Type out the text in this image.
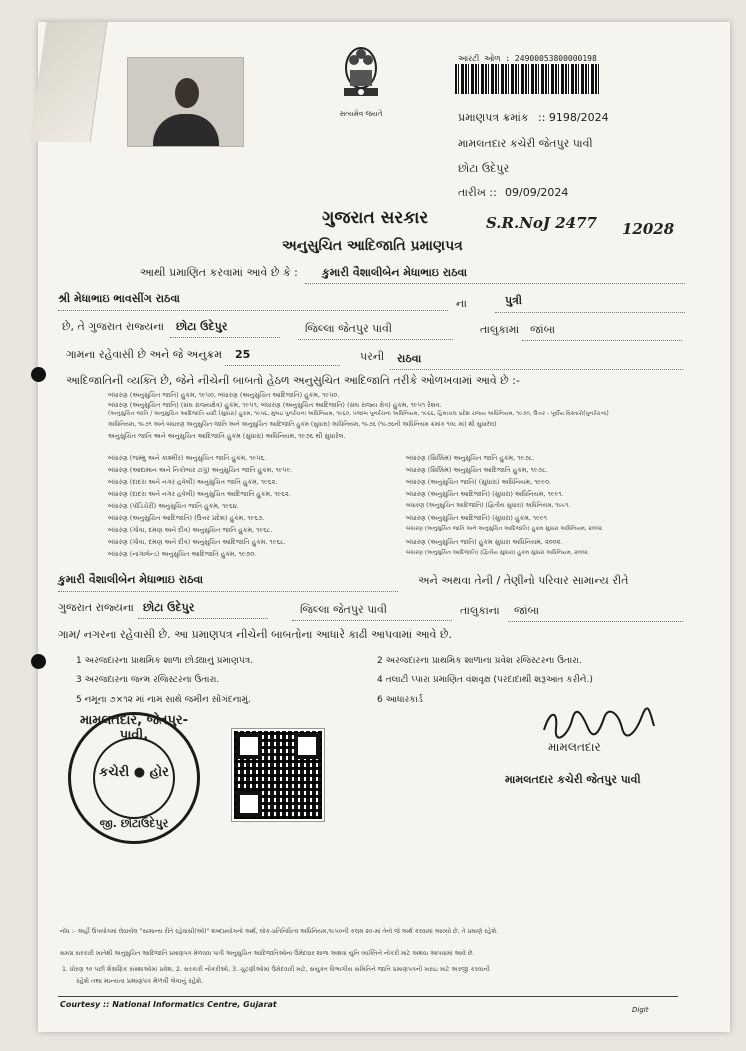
સત્યમેવ જયતે
આરટી ઓળ : 24900053800000198
પ્રમાણપત્ર ક્રમાંક :: 9198/2024
મામલતદાર કચેરી જેતપુર પાવી
છોટા ઉદેપુર
તારીખ :: 09/09/2024
ગુજરાત સરકાર	S.R.NoJ 2477 12028
અનુસુચિત આદિજાતિ પ્રમાણપત્ર
આથી પ્રમાણિત કરવામાં આવે છે કે : કુમારી વૈશાલીબેન મેધાભાઇ રાઠવા
શ્રી મેધાભાઇ ભાવસીંગ રાઠવા	ના	પુત્રી
છે, તે ગુજરાત રાજ્યના છોટા ઉદેપુર	જિલ્લા જેતપુર પાવી	તાલુકામાં જાંબા
ગામના રહેવાસી છે અને જે અનુક્રમ 25	પરની રાઠવા
આદિજાતિની વ્યક્તિ છે, જેને નીચેની બાબતો હેઠળ અનુસુચિત આદિજાતિ તરીકે ઓળખવામાં આવે છે :-
બંધારણ (અનુસુચિત જાતિ) હુકમ, ૧૯૫૦, બંધારણ (અનુસુચિત આદિજાતિ) હુકમ, ૧૯૫૦.
બંધારણ (અનુસુચિત જાતિ) (સંઘ રાજ્યક્ષેત્ર) હુકમ, ૧૯૫૧, બંધારણ (અનુસુચિત આદિજાતિ) (સંઘ રાજ્ય ક્ષેત્ર) હુકમ, ૧૯૫૧ રેશવ.
(અનુસુચિત જાતિ / અનુસુચિત આદિજાતિ યાદી (સુધારા) હુકમ, ૧૯૫૬, મુંબઇ પુનર્રચના અધિનિયમ, ૧૯૬૦, પંજાબ પુનર્રચના અધિનિયમ, ૧૯૬૬, હિમાચલ પ્રદેશ રાજ્ય અધિનિયમ, ૧૯૭૦, ઉત્તર - પૂર્વીય વિસ્તારો(પુનર્રચના)
અધિનિયમ, ૧૯૭૧ અને બંધારણ અનુસુચિત જાતિ અને અનુસુચિત આદિજાતિ હુકમ (સુધારા) અધિનિયમ, ૧૯૭૬ (૧૯૭૬ની અધિનિયમ ક્રમાંક ૧૦૮ માં) થી સુધારેલ)
અનુસુચિત જાતિ અને અનુસુચિત આદિજાતિ હુકમ (સુધારા) અધિનિયમ, ૧૯૭૬ થી સુધારેલ.
બંધારણ (જમ્મુ અને કાશ્મીર) અનુસુચિત જાતિ હુકમ, ૧૯૫૬.
બંધારણ (આંદામાન અને નિકોબાર ટાપુ) અનુસુચિત જાતિ હુકમ, ૧૯૫૯.
બંધારણ (દાદરા અને નગર હવેલી) અનુસુચિત જાતિ હુકમ, ૧૯૬૨.
બંધારણ (દાદરા અને નગર હવેલી) અનુસુચિત આદિજાતિ હુકમ, ૧૯૬૨.
બંધારણ (પોંડિચેરી) અનુસુચિત જાતિ હુકમ, ૧૯૬૪.
બંધારણ (અનુસુચિત આદિજાતિ) (ઉત્તર પ્રદેશ) હુકમ, ૧૯૬૭.
બંધારણ (ગોવા, દમણ અને દીવ) અનુસુચિત જાતિ હુકમ, ૧૯૬૮.
બંધારણ (ગોવા, દમણ અને દીવ) અનુસુચિત આદિજાતિ હુકમ, ૧૯૬૮.
બંધારણ (નાગાલેન્ડ) અનુસુચિત આદિજાતિ હુકમ, ૧૯૭૦.
બંધારણ (સિક્કિમ) અનુસુચિત જાતિ હુકમ, ૧૯૭૮.
બંધારણ (સિક્કિમ) અનુસુચિત આદિજાતિ હુકમ, ૧૯૭૮.
બંધારણ (અનુસુચિત જાતિ) (સુધારા) અધિનિયમ, ૧૯૯૦.
બંધારણ (અનુસુચિત આદિજાતિ) (સુધારા) અધિનિયમ, ૧૯૯૧.
બંધારણ (અનુસુચિત આદિજાતિ) (દ્વિતીય સુધારા) અધિનિયમ, ૧૯૯૧.
બંધારણ (અનુસુચિત આદિજાતિ) (સુધારા) હુકમ, ૧૯૯૧
બંધારણ (અનુસુચિત જાતિ અને અનુસુચિત આદિજાતિ) હુકમ સુધારા અધિનિયમ, ૨૦૦૨.
બંધારણ (અનુસુચિત જાતિ) હુકમ સુધારા અધિનિયમ, ૨૦૦૨.
બંધારણ (અનુસુચિત આદિજાતિ) (દ્વિતીય સુધારા) હુકમ સુધારા અધિનિયમ, ૨૦૦૨.
કુમારી વૈશાલીબેન મેધાભાઇ રાઠવા	અને અથવા તેની / તેણીનો પરિવાર સામાન્ય રીતે
ગુજરાત રાજ્યના છોટા ઉદેપુર	જિલ્લા જેતપુર પાવી	તાલુકાના જાંબા
ગામ/ નગરના રહેવાસી છે. આ પ્રમાણપત્ર નીચેની બાબતોના આધારે કાઢી આપવામાં આવે છે.
1 અરજદારના પ્રાથમિક શાળા છોડ્યાનું પ્રમાણપત્ર.	2 અરજદારના પ્રાથમિક શાળાના પ્રવેશ રજિસ્ટરના ઉતારા.
3 અરજદારના જન્મ રજિસ્ટરના ઉતારા.	4 તલાટી પ્પારા પ્રમાણિત વંશવૃક્ષ (પરદાદાથી શરૂઆત કરીને.)
5 નમૂના ૭×૧૨ માં નામ સાથે જમીન સોંગંદનામું.	6 આધારકાર્ડ
મામલતદાર, જેતપુર-પાવી.
કચેરી ● હોર
જી. છોટાઉદેપુર
મામલતદાર
મામલતદાર કચેરી જેતપુર પાવી
નોંધ :- અહીં ઉપયોગમાં લેવાયેલ "સામાન્ય રીતે રહેવાસી(ઓ)" શબ્દપ્રયોગનો અર્થ, લોક-પ્રતિનિધિત્વ અધિનિયમ,૧૯૫૦ની કલમ ૨૦-માં તેનો જે અર્થ કરવામાં આવ્યો છે, તે પ્રમાણે રહેશે.
સમગ્ર સરકારી ખાતેથી અનુસુચિત આદિજાતિ પ્રમાણપત્ર મેળવવા પાત્રી અનુસુચિત આદિજાતિઓના ઉમેદવાર શાળા અથવા યુનિ વ્યક્તિને નોકરી માટે અથવા આપવામાં આવે છે.
1. ધોરણ ૧૦ પછી શૈક્ષણિક સંસ્થાઓમાં પ્રવેશ, 2. સરકારી નોકરીઓ, 3. ચુંટણીઓમાં ઉમેદવારી માટે, સંયુક્ત વિભાગીય સમિતિને જાતિ પ્રમાણપત્રની ખરાઇ માટે અરજી કરવાની
રહેશે તથા માન્યતા પ્રમાણપત્ર મેળવી લેવાનું રહેશે.
Courtesy :: National Informatics Centre, Gujarat
Digit
